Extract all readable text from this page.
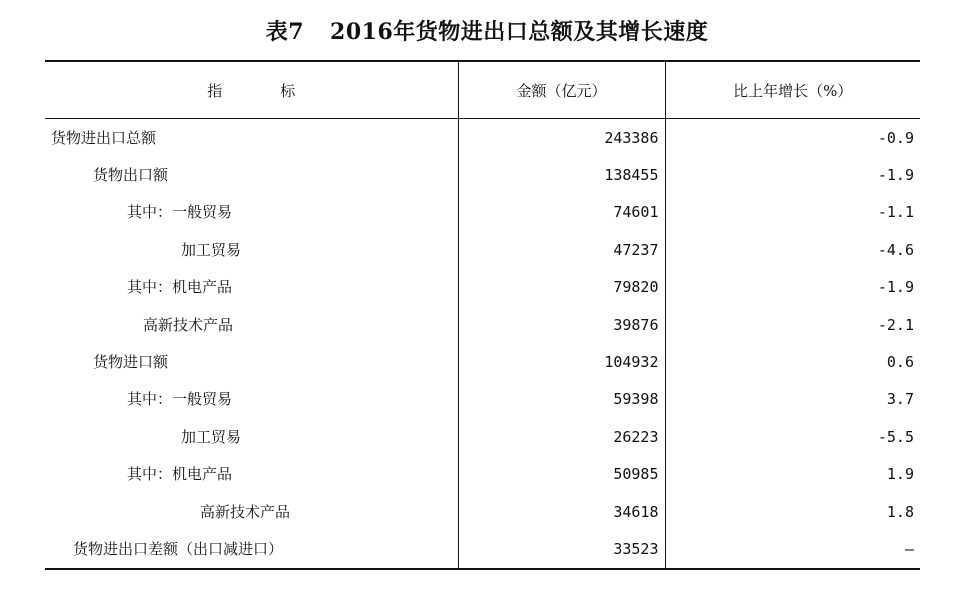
表7 2016年货物进出口总额及其增长速度
指 标	金额（亿元）	比上年增长（%）
货物进出口总额	243386	-0.9
货物出口额	138455	-1.9
其中：一般贸易	74601	-1.1
加工贸易	47237	-4.6
其中：机电产品	79820	-1.9
高新技术产品	39876	-2.1
货物进口额	104932	0.6
其中：一般贸易	59398	3.7
加工贸易	26223	-5.5
其中：机电产品	50985	1.9
高新技术产品	34618	1.8
货物进出口差额（出口减进口）	33523	—
